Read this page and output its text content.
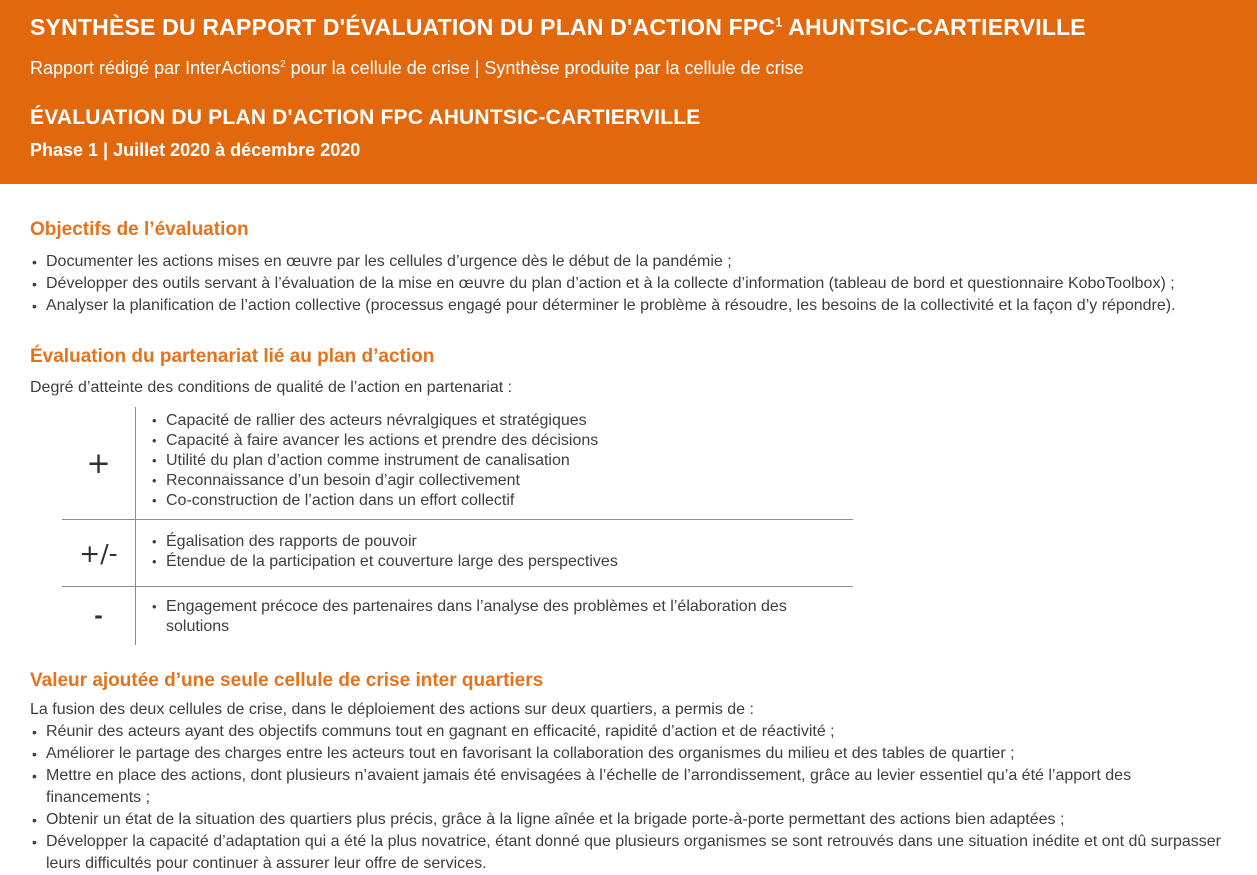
SYNTHÈSE DU RAPPORT D'ÉVALUATION DU PLAN D'ACTION FPC$^1$ AHUNTSIC-CARTIERVILLE

Rapport rédigé par InterActions$^2$ pour la cellule de crise | Synthèse produite par la cellule de crise

ÉVALUATION DU PLAN D'ACTION FPC AHUNTSIC-CARTIERVILLE

Phase 1 | Juillet 2020 à décembre 2020

Objectifs de l’évaluation
• Documenter les actions mises en œuvre par les cellules d’urgence dès le début de la pandémie ;
• Développer des outils servant à l’évaluation de la mise en œuvre du plan d’action et à la collecte d’information (tableau de bord et questionnaire KoboToolbox) ;
• Analyser la planification de l’action collective (processus engagé pour déterminer le problème à résoudre, les besoins de la collectivité et la façon d’y répondre).
Évaluation du partenariat lié au plan d’action

Degré d’atteinte des conditions de qualité de l’action en partenariat :

+
• Capacité de rallier des acteurs névralgiques et stratégiques
• Capacité à faire avancer les actions et prendre des décisions
• Utilité du plan d’action comme instrument de canalisation
• Reconnaissance d’un besoin d’agir collectivement
• Co-construction de l’action dans un effort collectif
+/-	• Égalisation des rapports de pouvoir
• Étendue de la participation et couverture large des perspectives
-	• Engagement précoce des partenaires dans l’analyse des problèmes et l’élaboration des solutions
Valeur ajoutée d’une seule cellule de crise inter quartiers

La fusion des deux cellules de crise, dans le déploiement des actions sur deux quartiers, a permis de :

• Réunir des acteurs ayant des objectifs communs tout en gagnant en efficacité, rapidité d’action et de réactivité ;
• Améliorer le partage des charges entre les acteurs tout en favorisant la collaboration des organismes du milieu et des tables de quartier ;
• Mettre en place des actions, dont plusieurs n’avaient jamais été envisagées à l’échelle de l’arrondissement, grâce au levier essentiel qu’a été l’apport des financements ;
• Obtenir un état de la situation des quartiers plus précis, grâce à la ligne aînée et la brigade porte-à-porte permettant des actions bien adaptées ;
• Développer la capacité d’adaptation qui a été la plus novatrice, étant donné que plusieurs organismes se sont retrouvés dans une situation inédite et ont dû surpasser leurs difficultés pour continuer à assurer leur offre de services.
